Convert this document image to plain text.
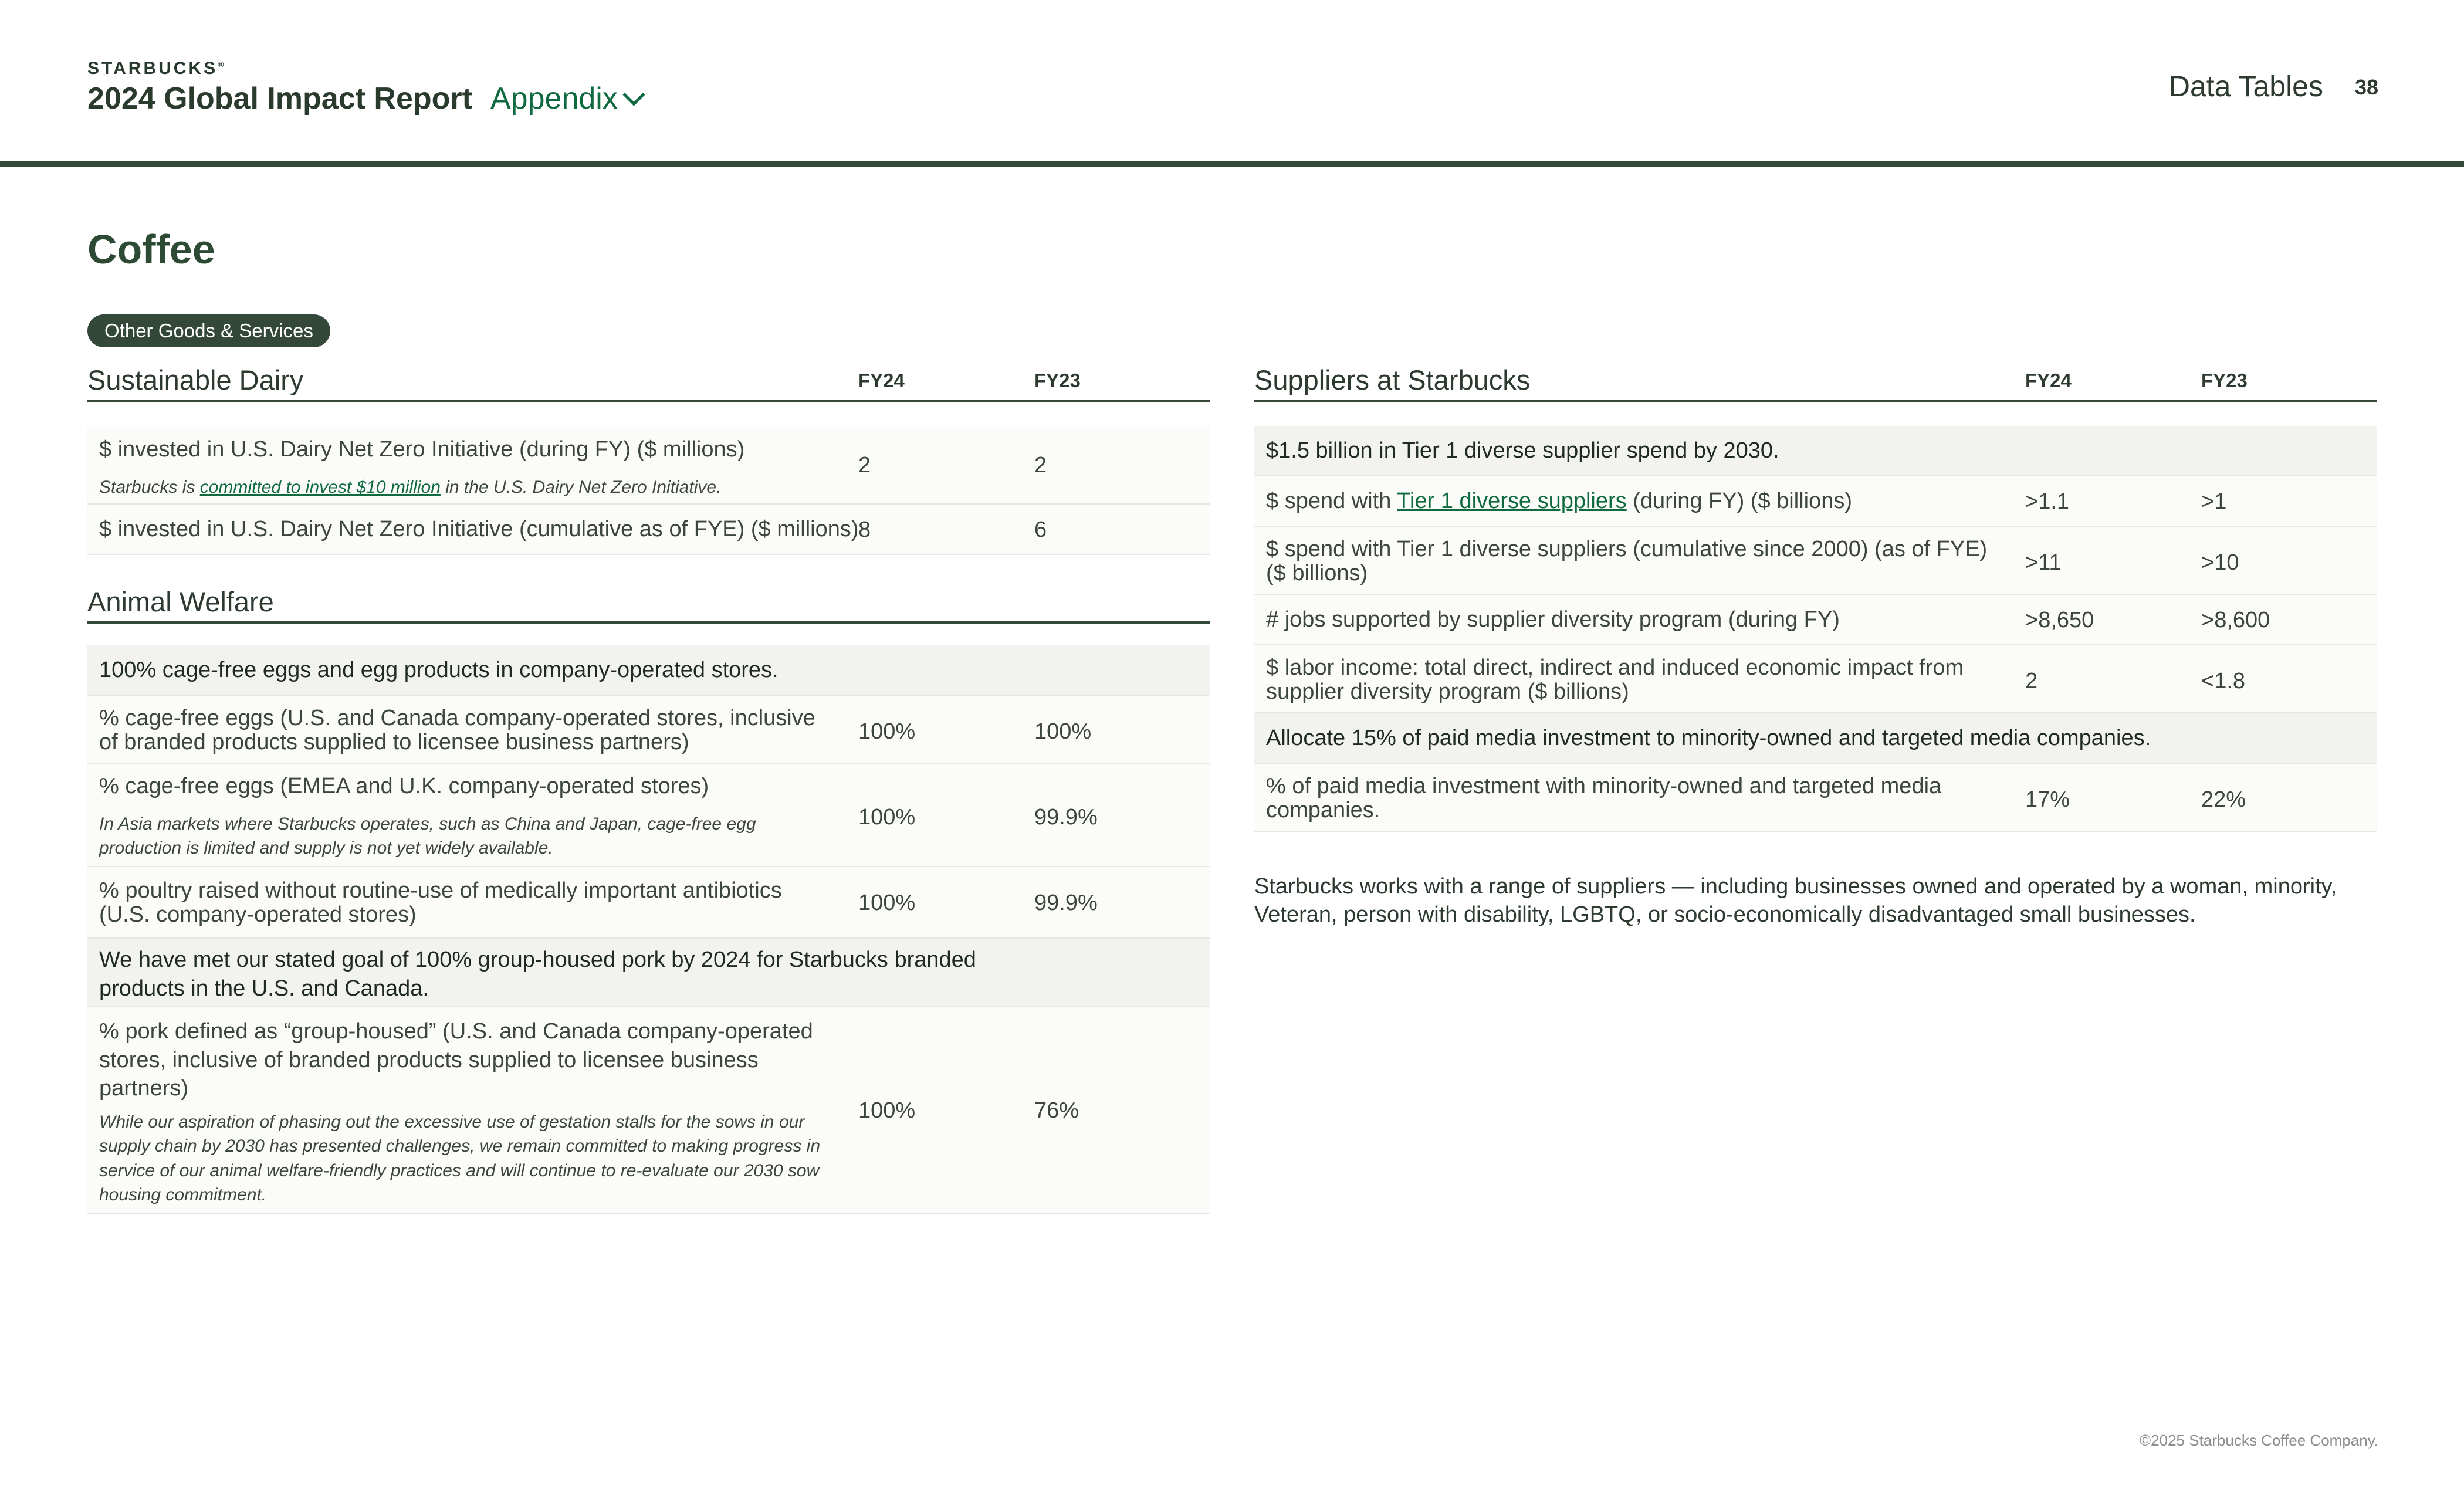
STARBUCKS®
2024 Global Impact Report Appendix	Data Tables 38
Coffee
Other Goods & Services
Sustainable Dairy	FY24	FY23
$ invested in U.S. Dairy Net Zero Initiative (during FY) ($ millions)
Starbucks is committed to invest $10 million in the U.S. Dairy Net Zero Initiative.
2	2
$ invested in U.S. Dairy Net Zero Initiative (cumulative as of FYE) ($ millions) 8	6
Animal Welfare
100% cage-free eggs and egg products in company-operated stores.
% cage-free eggs (U.S. and Canada company-operated stores, inclusive of branded products supplied to licensee business partners)	100%	100%
% cage-free eggs (EMEA and U.K. company-operated stores)
In Asia markets where Starbucks operates, such as China and Japan, cage-free egg production is limited and supply is not yet widely available.
100%	99.9%
% poultry raised without routine-use of medically important antibiotics (U.S. company-operated stores)	100%	99.9%
We have met our stated goal of 100% group-housed pork by 2024 for Starbucks branded products in the U.S. and Canada.
% pork defined as “group-housed” (U.S. and Canada company-operated stores, inclusive of branded products supplied to licensee business partners)
While our aspiration of phasing out the excessive use of gestation stalls for the sows in our supply chain by 2030 has presented challenges, we remain committed to making progress in service of our animal welfare-friendly practices and will continue to re-evaluate our 2030 sow housing commitment.
100%	76%
Suppliers at Starbucks	FY24	FY23
$1.5 billion in Tier 1 diverse supplier spend by 2030.
$ spend with Tier 1 diverse suppliers (during FY) ($ billions)	>1.1	>1
$ spend with Tier 1 diverse suppliers (cumulative since 2000) (as of FYE) ($ billions)	>11	>10
# jobs supported by supplier diversity program (during FY)	>8,650	>8,600
$ labor income: total direct, indirect and induced economic impact from supplier diversity program ($ billions)	2	<1.8
Allocate 15% of paid media investment to minority-owned and targeted media companies.
% of paid media investment with minority-owned and targeted media companies.	17%	22%
Starbucks works with a range of suppliers — including businesses owned and operated by a woman, minority, Veteran, person with disability, LGBTQ, or socio-economically disadvantaged small businesses.
©2025 Starbucks Coffee Company.
